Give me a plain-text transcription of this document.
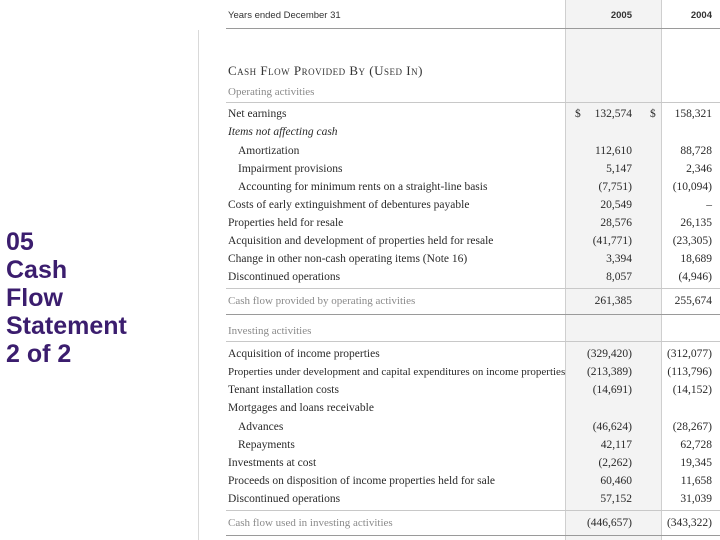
05
Cash
Flow
Statement
2 of 2
Years ended December 31	2005	2004
Cash Flow Provided By (Used In)
Operating activities
Net earnings	$ 132,574 $ 158,321
Items not affecting cash
Amortization	112,610	88,728
Impairment provisions	5,147	2,346
Accounting for minimum rents on a straight-line basis	(7,751)	(10,094)
Costs of early extinguishment of debentures payable	20,549	–
Properties held for resale	28,576	26,135
Acquisition and development of properties held for resale	(41,771)	(23,305)
Change in other non-cash operating items (Note 16)	3,394	18,689
Discontinued operations	8,057	(4,946)
Cash flow provided by operating activities	261,385	255,674
Investing activities
Acquisition of income properties	(329,420)	(312,077)
Properties under development and capital expenditures on income properties (213,389)	(113,796)
Tenant installation costs	(14,691)	(14,152)
Mortgages and loans receivable
Advances	(46,624)	(28,267)
Repayments	42,117	62,728
Investments at cost	(2,262)	19,345
Proceeds on disposition of income properties held for sale	60,460	11,658
Discontinued operations	57,152	31,039
Cash flow used in investing activities	(446,657)	(343,322)
